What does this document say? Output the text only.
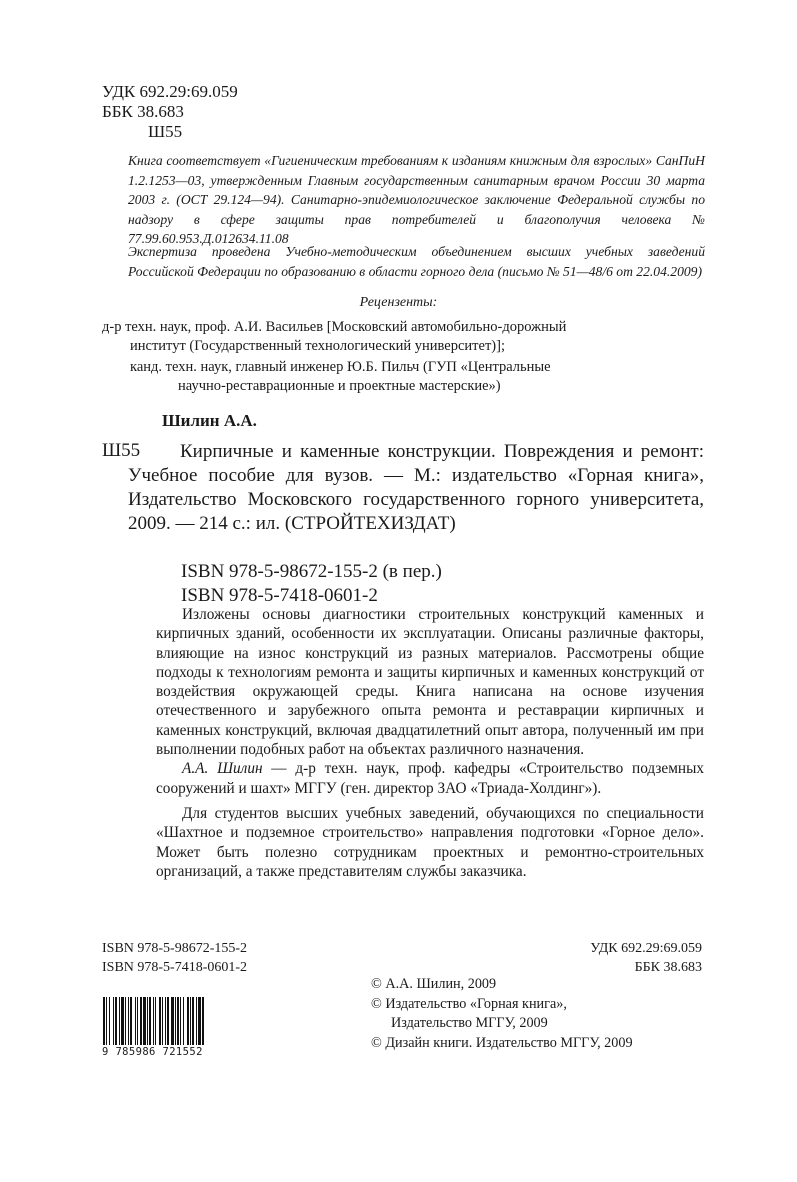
УДК 692.29:69.059
ББК 38.683
Ш55
Книга соответствует «Гигиеническим требованиям к изданиям книжным для взрослых» СанПиН 1.2.1253—03, утвержденным Главным государственным санитарным врачом России 30 марта 2003 г. (ОСТ 29.124—94). Санитарно-эпидемиологическое заключение Федеральной службы по надзору в сфере защиты прав потребителей и благополучия человека № 77.99.60.953.Д.012634.11.08
Экспертиза проведена Учебно-методическим объединением высших учебных заведений Российской Федерации по образованию в области горного дела (письмо № 51—48/6 от 22.04.2009)
Рецензенты:
д-р техн. наук, проф. А.И. Васильев [Московский автомобильно-дорожный
институт (Государственный технологический университет)];
канд. техн. наук, главный инженер Ю.Б. Пильч (ГУП «Центральные
научно-реставрационные и проектные мастерские»)
Шилин А.А.
Ш55	Кирпичные и каменные конструкции. Повреждения и ремонт: Учебное пособие для вузов. — М.: издательство «Горная книга», Издательство Московского государственного горного университета, 2009. — 214 с.: ил. (СТРОЙТЕХИЗДАТ)
ISBN 978-5-98672-155-2 (в пер.)
ISBN 978-5-7418-0601-2

Изложены основы диагностики строительных конструкций каменных и кирпичных зданий, особенности их эксплуатации. Описаны различные факторы, влияющие на износ конструкций из разных материалов. Рассмотрены общие подходы к технологиям ремонта и защиты кирпичных и каменных конструкций от воздействия окружающей среды. Книга написана на основе изучения отечественного и зарубежного опыта ремонта и реставрации кирпичных и каменных конструкций, включая двадцатилетний опыт автора, полученный им при выполнении подобных работ на объектах различного назначения.

А.А. Шилин — д-р техн. наук, проф. кафедры «Строительство подземных сооружений и шахт» МГГУ (ген. директор ЗАО «Триада-Холдинг»).

Для студентов высших учебных заведений, обучающихся по специальности «Шахтное и подземное строительство» направления подготовки «Горное дело». Может быть полезно сотрудникам проектных и ремонтно-строительных организаций, а также представителям службы заказчика.

ISBN 978-5-98672-155-2
ISBN 978-5-7418-0601-2
УДК 692.29:69.059
ББК 38.683
© А.А. Шилин, 2009
© Издательство «Горная книга»,
Издательство МГГУ, 2009
© Дизайн книги. Издательство МГГУ, 2009
9 785986 721552
